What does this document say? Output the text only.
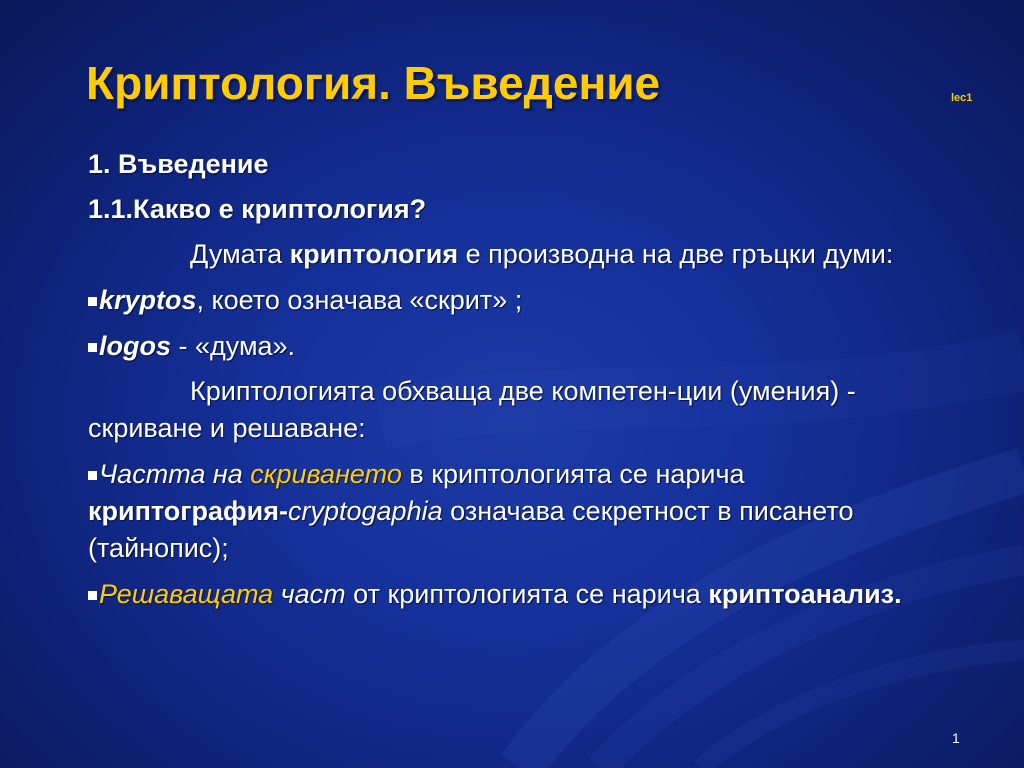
Криптология. Въведение	lec1

1. Въведение

1.1.Какво е криптология?

Думата криптология е производна на две гръцки думи:

kryptos, което означава «скрит» ;

logos - «дума».

Криптологията обхваща две компетен-ции (умения) - скриване и решаване:

Частта на скриването в криптологията се нарича криптография-cryptogaphia означава секретност в писането (тайнопис);

Решаващата част от криптологията се нарича криптоанализ.

1
